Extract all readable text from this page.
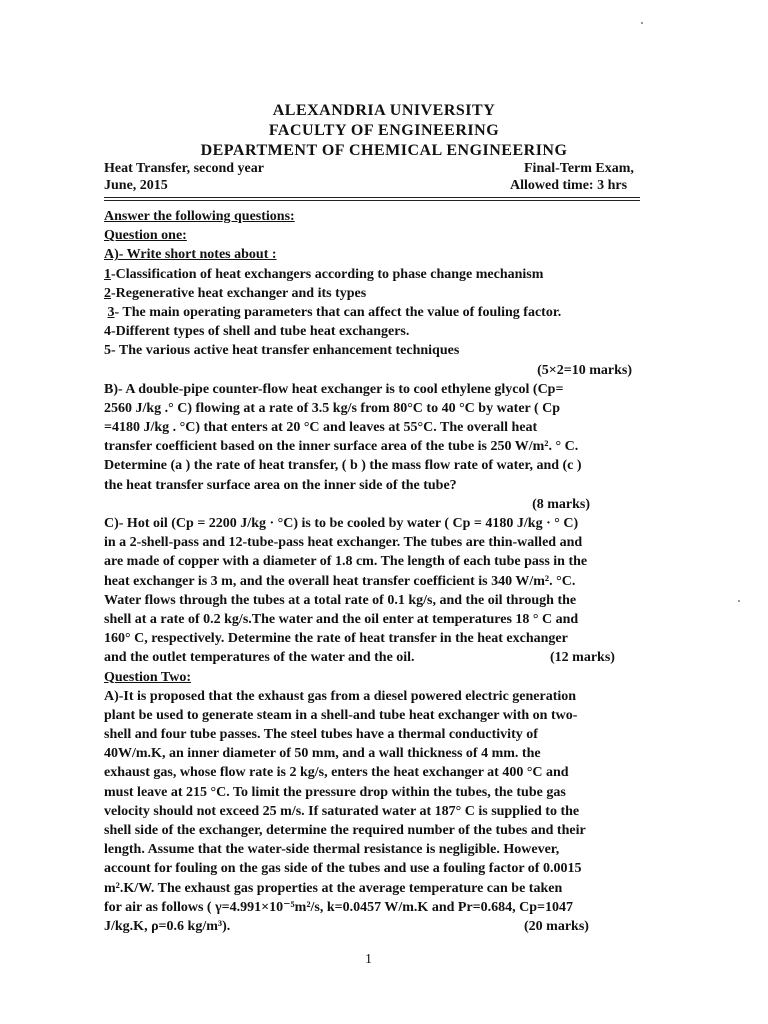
ALEXANDRIA UNIVERSITY
FACULTY OF ENGINEERING
DEPARTMENT OF CHEMICAL ENGINEERING
Heat Transfer, second year	Final-Term Exam,
June, 2015	Allowed time: 3 hrs
Answer the following questions:
Question one:
A)- Write short notes about :
1-Classification of heat exchangers according to phase change mechanism
2-Regenerative heat exchanger and its types
3- The main operating parameters that can affect the value of fouling factor.
4-Different types of shell and tube heat exchangers.
5- The various active heat transfer enhancement techniques
(5×2=10 marks)
B)- A double-pipe counter-flow heat exchanger is to cool ethylene glycol (Cp=
2560 J/kg .° C) flowing at a rate of 3.5 kg/s from 80°C to 40 °C by water ( Cp
=4180 J/kg . °C) that enters at 20 °C and leaves at 55°C. The overall heat
transfer coefficient based on the inner surface area of the tube is 250 W/m². ° C.
Determine (a ) the rate of heat transfer, ( b ) the mass flow rate of water, and (c )
the heat transfer surface area on the inner side of the tube?
(8 marks)
C)- Hot oil (Cp = 2200 J/kg · °C) is to be cooled by water ( Cp = 4180 J/kg · ° C)
in a 2-shell-pass and 12-tube-pass heat exchanger. The tubes are thin-walled and
are made of copper with a diameter of 1.8 cm. The length of each tube pass in the
heat exchanger is 3 m, and the overall heat transfer coefficient is 340 W/m². °C.
Water flows through the tubes at a total rate of 0.1 kg/s, and the oil through the
shell at a rate of 0.2 kg/s.The water and the oil enter at temperatures 18 ° C and
160° C, respectively. Determine the rate of heat transfer in the heat exchanger
and the outlet temperatures of the water and the oil.	(12 marks)
Question Two:
A)-It is proposed that the exhaust gas from a diesel powered electric generation
plant be used to generate steam in a shell-and tube heat exchanger with on two-
shell and four tube passes. The steel tubes have a thermal conductivity of
40W/m.K, an inner diameter of 50 mm, and a wall thickness of 4 mm. the
exhaust gas, whose flow rate is 2 kg/s, enters the heat exchanger at 400 °C and
must leave at 215 °C. To limit the pressure drop within the tubes, the tube gas
velocity should not exceed 25 m/s. If saturated water at 187° C is supplied to the
shell side of the exchanger, determine the required number of the tubes and their
length. Assume that the water-side thermal resistance is negligible. However,
account for fouling on the gas side of the tubes and use a fouling factor of 0.0015
m².K/W. The exhaust gas properties at the average temperature can be taken
for air as follows ( γ=4.991×10⁻⁵m²/s, k=0.0457 W/m.K and Pr=0.684, Cp=1047
J/kg.K, ρ=0.6 kg/m³).	(20 marks)
1
